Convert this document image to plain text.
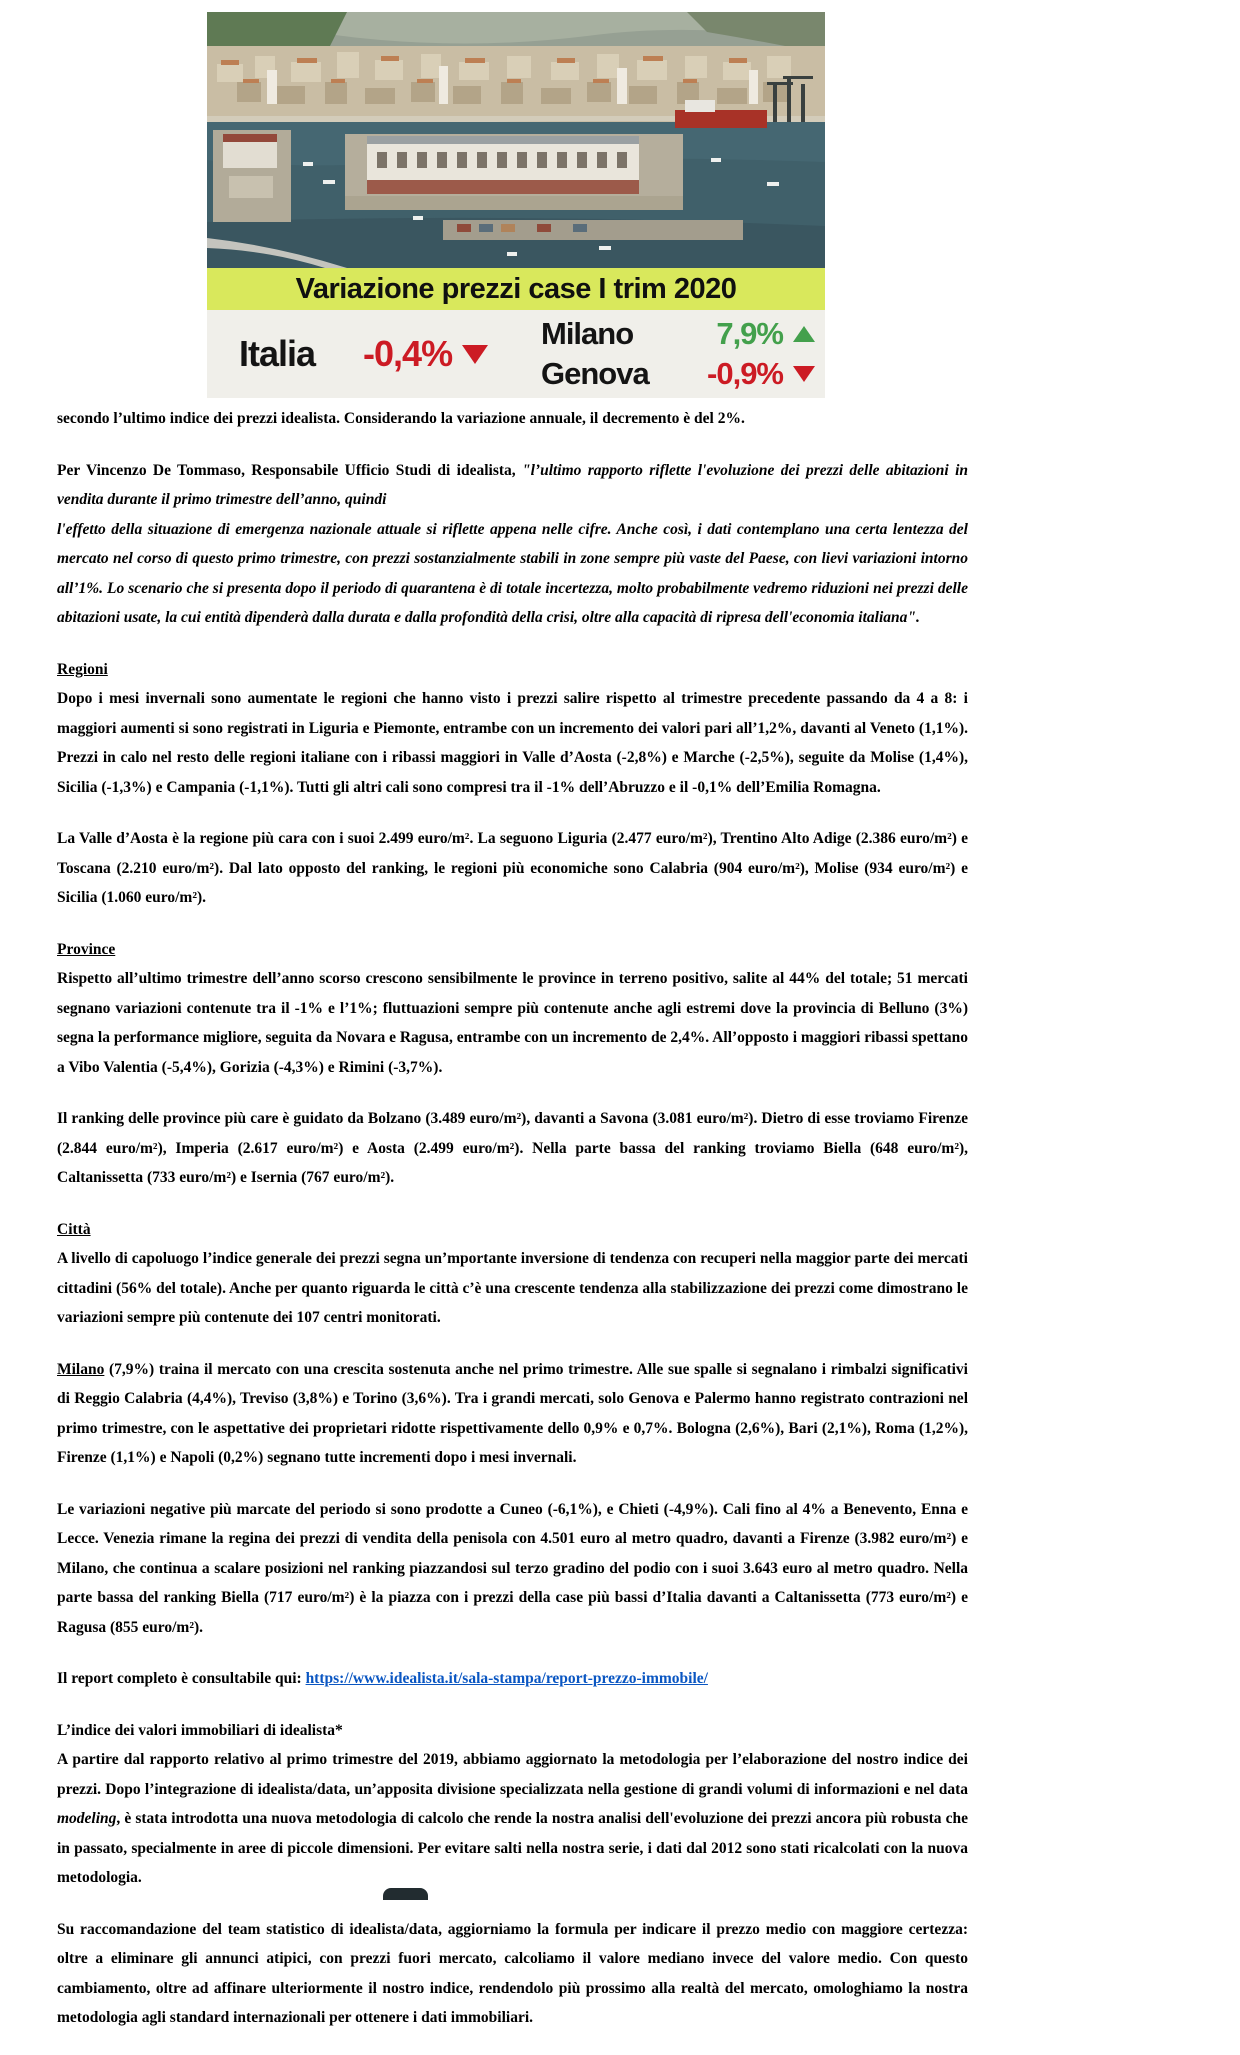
Variazione prezzi case I trim 2020
Italia -0,4%	Milano	7,9%
Genova	-0,9%

secondo l’ultimo indice dei prezzi idealista. Considerando la variazione annuale, il decremento è del 2%.

Per Vincenzo De Tommaso, Responsabile Ufficio Studi di idealista, "l’ultimo rapporto riflette l'evoluzione dei prezzi delle abitazioni in vendita durante il primo trimestre dell’anno, quindi
l'effetto della situazione di emergenza nazionale attuale si riflette appena nelle cifre. Anche così, i dati contemplano una certa lentezza del mercato nel corso di questo primo trimestre, con prezzi sostanzialmente stabili in zone sempre più vaste del Paese, con lievi variazioni intorno all’1%. Lo scenario che si presenta dopo il periodo di quarantena è di totale incertezza, molto probabilmente vedremo riduzioni nei prezzi delle abitazioni usate, la cui entità dipenderà dalla durata e dalla profondità della crisi, oltre alla capacità di ripresa dell'economia italiana".

Regioni

Dopo i mesi invernali sono aumentate le regioni che hanno visto i prezzi salire rispetto al trimestre precedente passando da 4 a 8: i maggiori aumenti si sono registrati in Liguria e Piemonte, entrambe con un incremento dei valori pari all’1,2%, davanti al Veneto (1,1%). Prezzi in calo nel resto delle regioni italiane con i ribassi maggiori in Valle d’Aosta (-2,8%) e Marche (-2,5%), seguite da Molise (1,4%), Sicilia (-1,3%) e Campania (-1,1%). Tutti gli altri cali sono compresi tra il -1% dell’Abruzzo e il -0,1% dell’Emilia Romagna.

La Valle d’Aosta è la regione più cara con i suoi 2.499 euro/m². La seguono Liguria (2.477 euro/m²), Trentino Alto Adige (2.386 euro/m²) e Toscana (2.210 euro/m²). Dal lato opposto del ranking, le regioni più economiche sono Calabria (904 euro/m²), Molise (934 euro/m²) e Sicilia (1.060 euro/m²).

Province

Rispetto all’ultimo trimestre dell’anno scorso crescono sensibilmente le province in terreno positivo, salite al 44% del totale; 51 mercati segnano variazioni contenute tra il -1% e l’1%; fluttuazioni sempre più contenute anche agli estremi dove la provincia di Belluno (3%) segna la performance migliore, seguita da Novara e Ragusa, entrambe con un incremento de 2,4%. All’opposto i maggiori ribassi spettano a Vibo Valentia (-5,4%), Gorizia (-4,3%) e Rimini (-3,7%).

Il ranking delle province più care è guidato da Bolzano (3.489 euro/m²), davanti a Savona (3.081 euro/m²). Dietro di esse troviamo Firenze (2.844 euro/m²), Imperia (2.617 euro/m²) e Aosta (2.499 euro/m²). Nella parte bassa del ranking troviamo Biella (648 euro/m²), Caltanissetta (733 euro/m²) e Isernia (767 euro/m²).

Città

A livello di capoluogo l’indice generale dei prezzi segna un’mportante inversione di tendenza con recuperi nella maggior parte dei mercati cittadini (56% del totale). Anche per quanto riguarda le città c’è una crescente tendenza alla stabilizzazione dei prezzi come dimostrano le variazioni sempre più contenute dei 107 centri monitorati.

Milano (7,9%) traina il mercato con una crescita sostenuta anche nel primo trimestre. Alle sue spalle si segnalano i rimbalzi significativi di Reggio Calabria (4,4%), Treviso (3,8%) e Torino (3,6%). Tra i grandi mercati, solo Genova e Palermo hanno registrato contrazioni nel primo trimestre, con le aspettative dei proprietari ridotte rispettivamente dello 0,9% e 0,7%. Bologna (2,6%), Bari (2,1%), Roma (1,2%), Firenze (1,1%) e Napoli (0,2%) segnano tutte incrementi dopo i mesi invernali.

Le variazioni negative più marcate del periodo si sono prodotte a Cuneo (-6,1%), e Chieti (-4,9%). Cali fino al 4% a Benevento, Enna e Lecce. Venezia rimane la regina dei prezzi di vendita della penisola con 4.501 euro al metro quadro, davanti a Firenze (3.982 euro/m²) e Milano, che continua a scalare posizioni nel ranking piazzandosi sul terzo gradino del podio con i suoi 3.643 euro al metro quadro. Nella parte bassa del ranking Biella (717 euro/m²) è la piazza con i prezzi della case più bassi d’Italia davanti a Caltanissetta (773 euro/m²) e Ragusa (855 euro/m²).

Il report completo è consultabile qui: https://www.idealista.it/sala-stampa/report-prezzo-immobile/

L’indice dei valori immobiliari di idealista*

A partire dal rapporto relativo al primo trimestre del 2019, abbiamo aggiornato la metodologia per l’elaborazione del nostro indice dei prezzi. Dopo l’integrazione di idealista/data, un’apposita divisione specializzata nella gestione di grandi volumi di informazioni e nel data modeling, è stata introdotta una nuova metodologia di calcolo che rende la nostra analisi dell'evoluzione dei prezzi ancora più robusta che in passato, specialmente in aree di piccole dimensioni. Per evitare salti nella nostra serie, i dati dal 2012 sono stati ricalcolati con la nuova metodologia.

Su raccomandazione del team statistico di idealista/data, aggiorniamo la formula per indicare il prezzo medio con maggiore certezza: oltre a eliminare gli annunci atipici, con prezzi fuori mercato, calcoliamo il valore mediano invece del valore medio. Con questo cambiamento, oltre ad affinare ulteriormente il nostro indice, rendendolo più prossimo alla realtà del mercato, omologhiamo la nostra metodologia agli standard internazionali per ottenere i dati immobiliari.
